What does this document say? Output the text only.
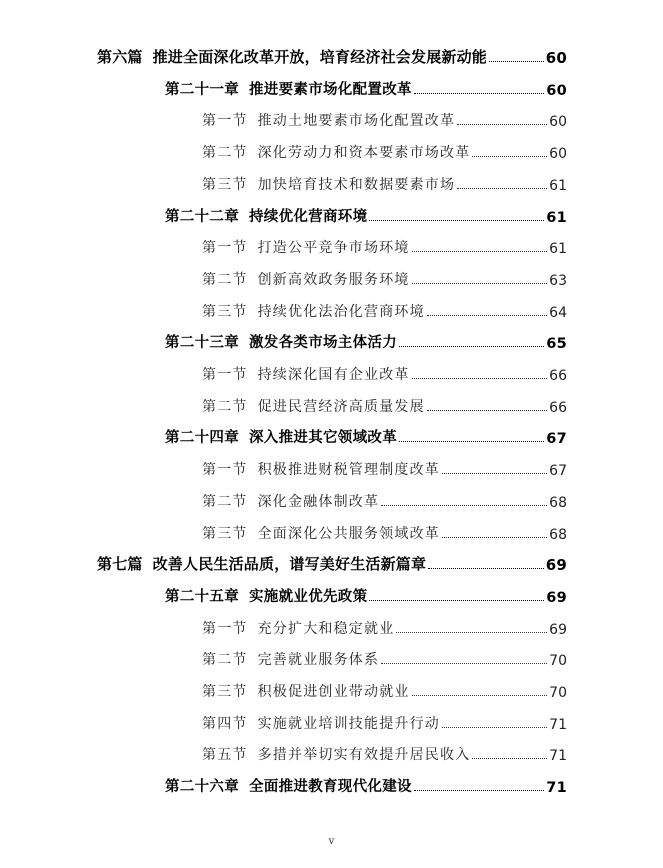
第六篇 推进全面深化改革开放，培育经济社会发展新动能	60
第二十一章 推进要素市场化配置改革	60
第一节 推动土地要素市场化配置改革	60
第二节 深化劳动力和资本要素市场改革	60
第三节 加快培育技术和数据要素市场	61
第二十二章 持续优化营商环境	61
第一节 打造公平竞争市场环境	61
第二节 创新高效政务服务环境	63
第三节 持续优化法治化营商环境	64
第二十三章 激发各类市场主体活力	65
第一节 持续深化国有企业改革	66
第二节 促进民营经济高质量发展	66
第二十四章 深入推进其它领域改革	67
第一节 积极推进财税管理制度改革	67
第二节 深化金融体制改革	68
第三节 全面深化公共服务领域改革	68
第七篇 改善人民生活品质，谱写美好生活新篇章	69
第二十五章 实施就业优先政策	69
第一节 充分扩大和稳定就业	69
第二节 完善就业服务体系	70
第三节 积极促进创业带动就业	70
第四节 实施就业培训技能提升行动	71
第五节 多措并举切实有效提升居民收入	71
第二十六章 全面推进教育现代化建设	71
v
